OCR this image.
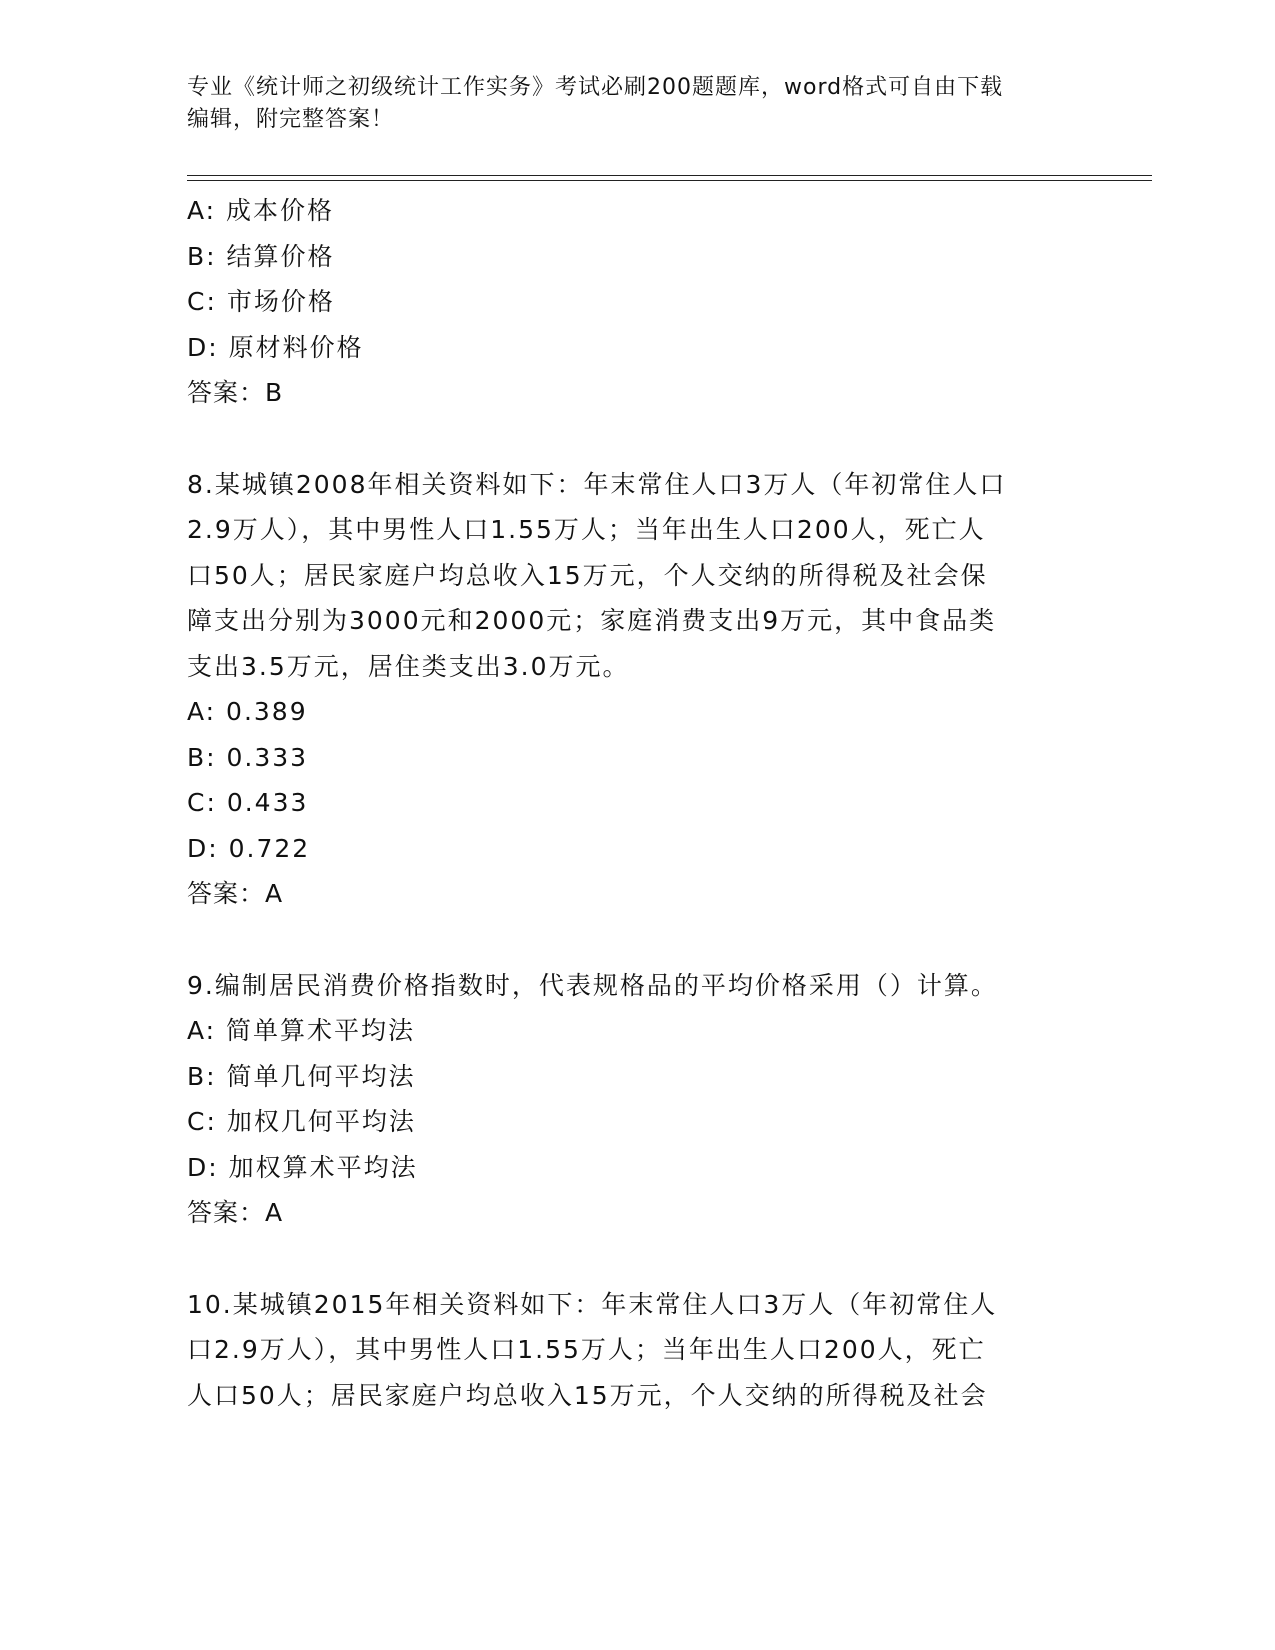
专业《统计师之初级统计工作实务》考试必刷200题题库，word格式可自由下载
编辑，附完整答案！
A: 成本价格
B: 结算价格
C: 市场价格
D: 原材料价格
答案：B
8.某城镇2008年相关资料如下：年末常住人口3万人（年初常住人口
2.9万人），其中男性人口1.55万人；当年出生人口200人，死亡人
口50人；居民家庭户均总收入15万元，个人交纳的所得税及社会保
障支出分别为3000元和2000元；家庭消费支出9万元，其中食品类
支出3.5万元，居住类支出3.0万元。
A: 0.389
B: 0.333
C: 0.433
D: 0.722
答案：A
9.编制居民消费价格指数时，代表规格品的平均价格采用（）计算。
A: 简单算术平均法
B: 简单几何平均法
C: 加权几何平均法
D: 加权算术平均法
答案：A
10.某城镇2015年相关资料如下：年末常住人口3万人（年初常住人
口2.9万人），其中男性人口1.55万人；当年出生人口200人，死亡
人口50人；居民家庭户均总收入15万元，个人交纳的所得税及社会
